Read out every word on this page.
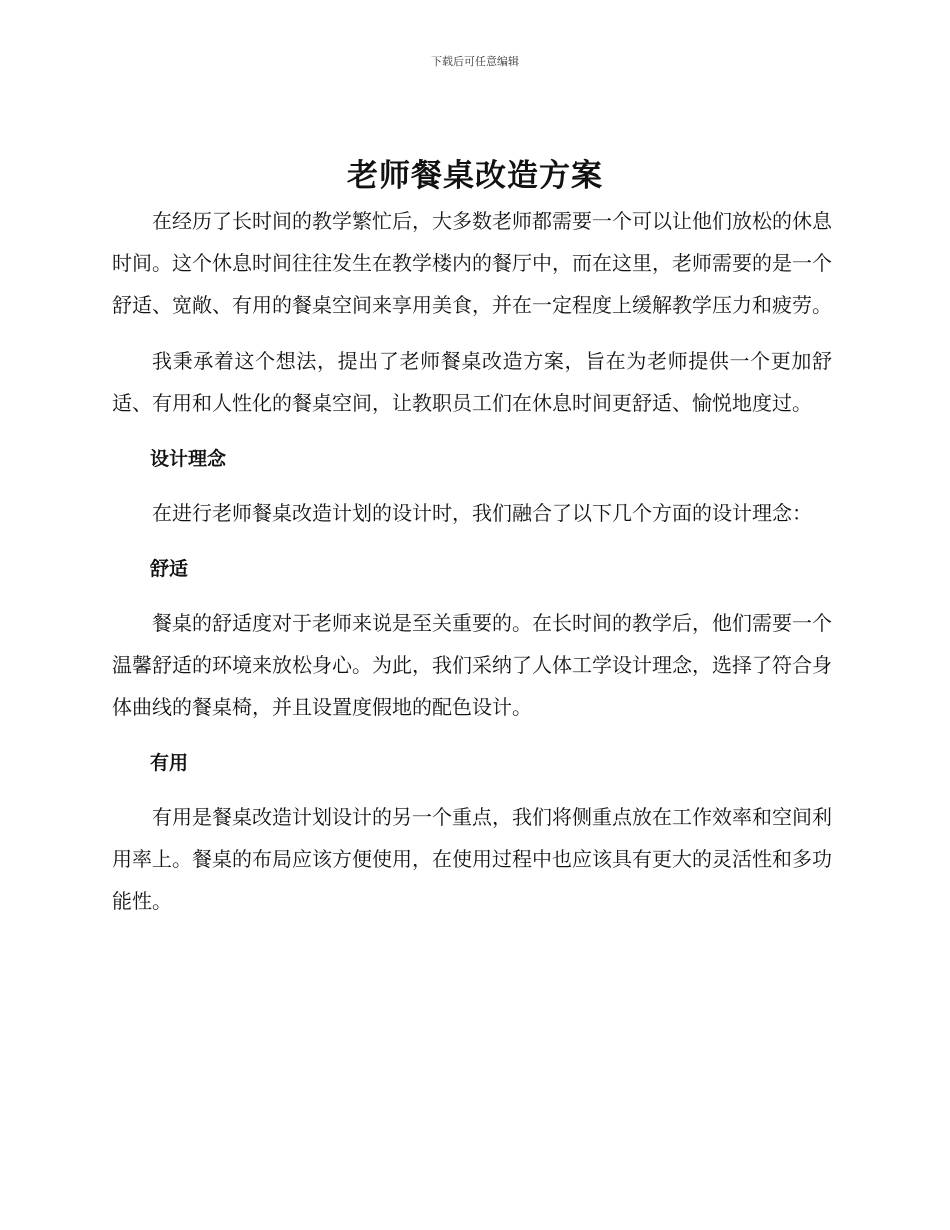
下载后可任意编辑
老师餐桌改造方案

在经历了长时间的教学繁忙后，大多数老师都需要一个可以让他们放松的休息时间。这个休息时间往往发生在教学楼内的餐厅中，而在这里，老师需要的是一个舒适、宽敞、有用的餐桌空间来享用美食，并在一定程度上缓解教学压力和疲劳。

我秉承着这个想法，提出了老师餐桌改造方案，旨在为老师提供一个更加舒适、有用和人性化的餐桌空间，让教职员工们在休息时间更舒适、愉悦地度过。

设计理念

在进行老师餐桌改造计划的设计时，我们融合了以下几个方面的设计理念：

舒适

餐桌的舒适度对于老师来说是至关重要的。在长时间的教学后，他们需要一个温馨舒适的环境来放松身心。为此，我们采纳了人体工学设计理念，选择了符合身体曲线的餐桌椅，并且设置度假地的配色设计。

有用

有用是餐桌改造计划设计的另一个重点，我们将侧重点放在工作效率和空间利用率上。餐桌的布局应该方便使用，在使用过程中也应该具有更大的灵活性和多功能性。
